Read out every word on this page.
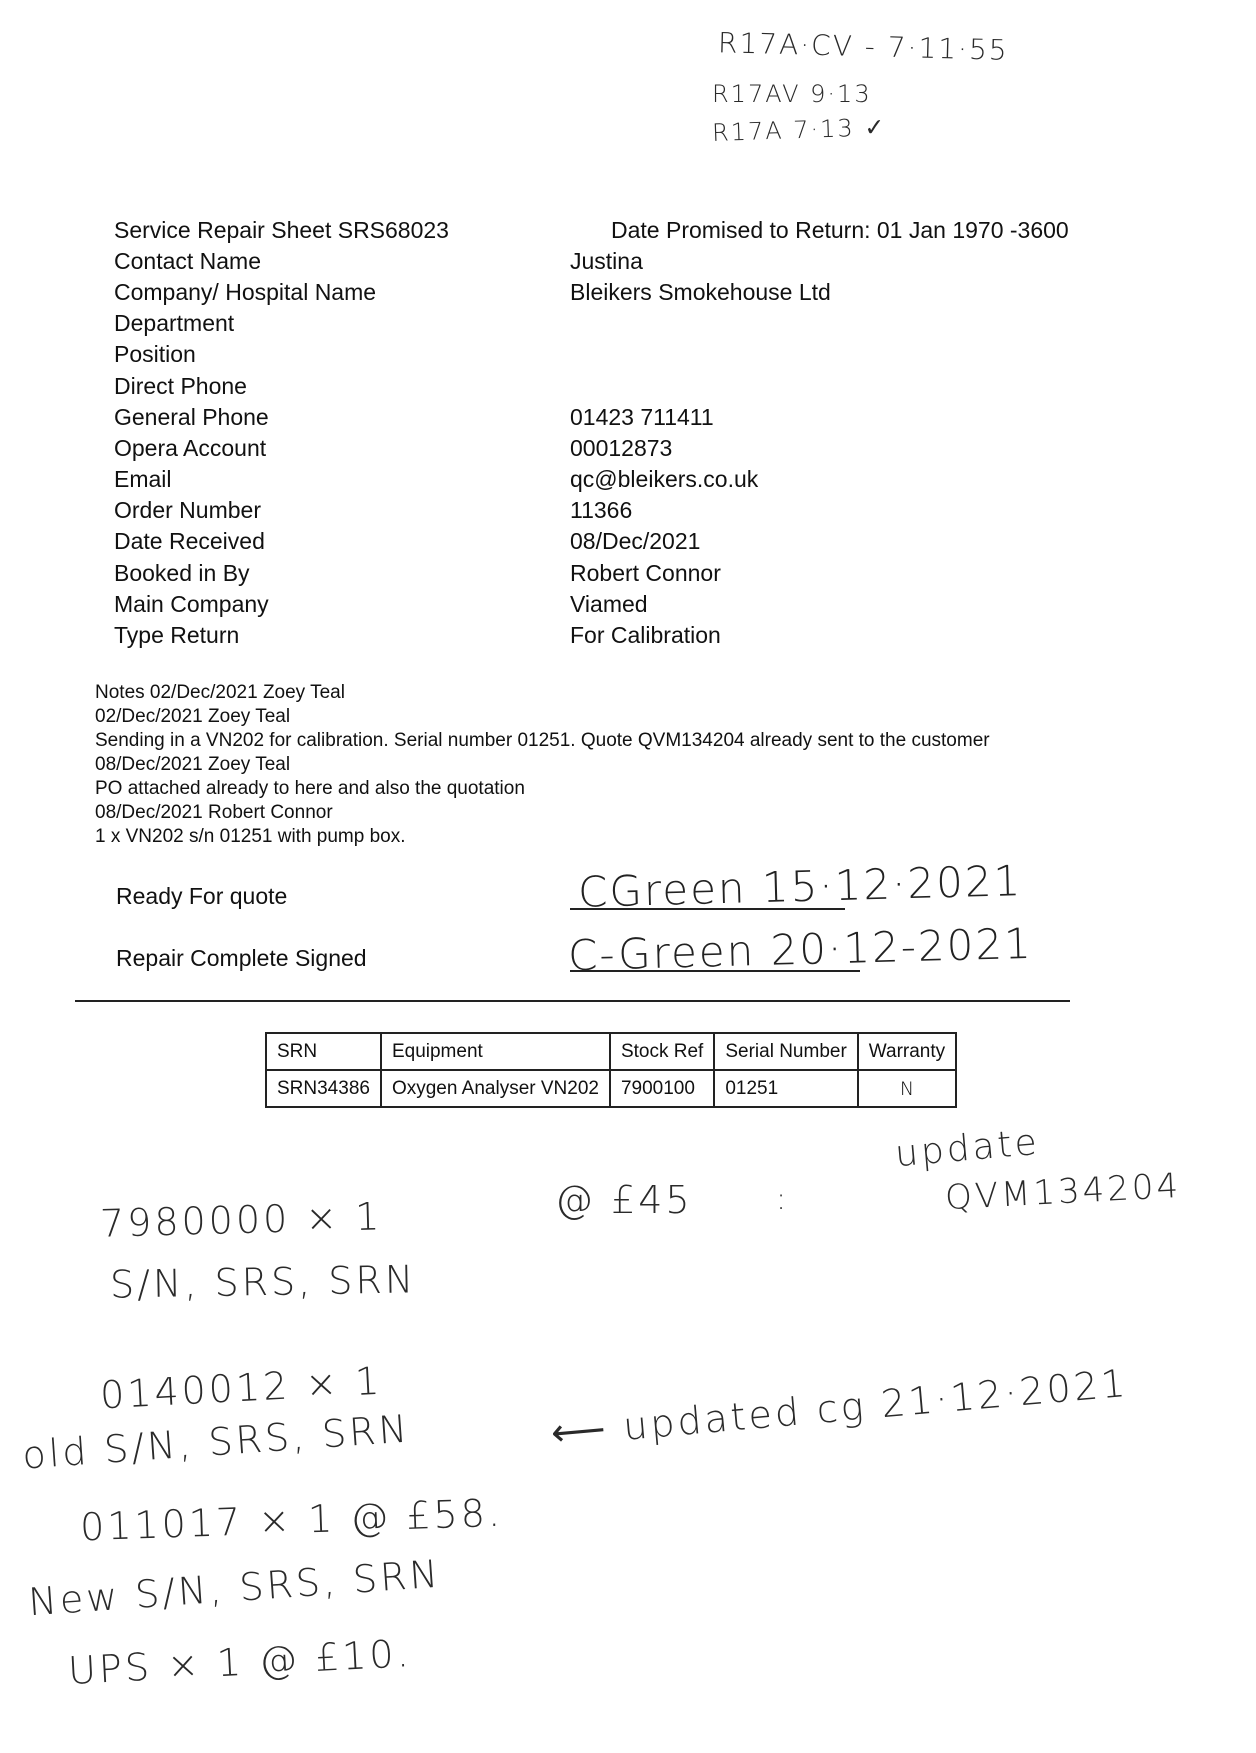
R17A·CV - 7·11·55
R17AV 9·13
R17A 7·13 ✓
Service Repair Sheet SRS68023	Date Promised to Return: 01 Jan 1970 -3600
Contact Name	Justina
Company/ Hospital Name	Bleikers Smokehouse Ltd
Department
Position
Direct Phone
General Phone	01423 711411
Opera Account	00012873
Email	qc@bleikers.co.uk
Order Number	11366
Date Received	08/Dec/2021
Booked in By	Robert Connor
Main Company	Viamed
Type Return	For Calibration
Notes 02/Dec/2021 Zoey Teal
02/Dec/2021 Zoey Teal
Sending in a VN202 for calibration. Serial number 01251. Quote QVM134204 already sent to the customer
08/Dec/2021 Zoey Teal
PO attached already to here and also the quotation
08/Dec/2021 Robert Connor
1 x VN202 s/n 01251 with pump box.
Ready For quote	CGreen 15·12·2021
Repair Complete Signed	C-Green 20·12-2021
SRN	Equipment	Stock Ref	Serial Number	Warranty
SRN34386	Oxygen Analyser VN202	7900100	01251	N
update
QVM134204
7980000 × 1	@ £45	:
S/N, SRS, SRN
0140012 × 1
old S/N, SRS, SRN	⟵ updated cg 21·12·2021
011017 × 1 @ £58.
New S/N, SRS, SRN
UPS × 1 @ £10.
